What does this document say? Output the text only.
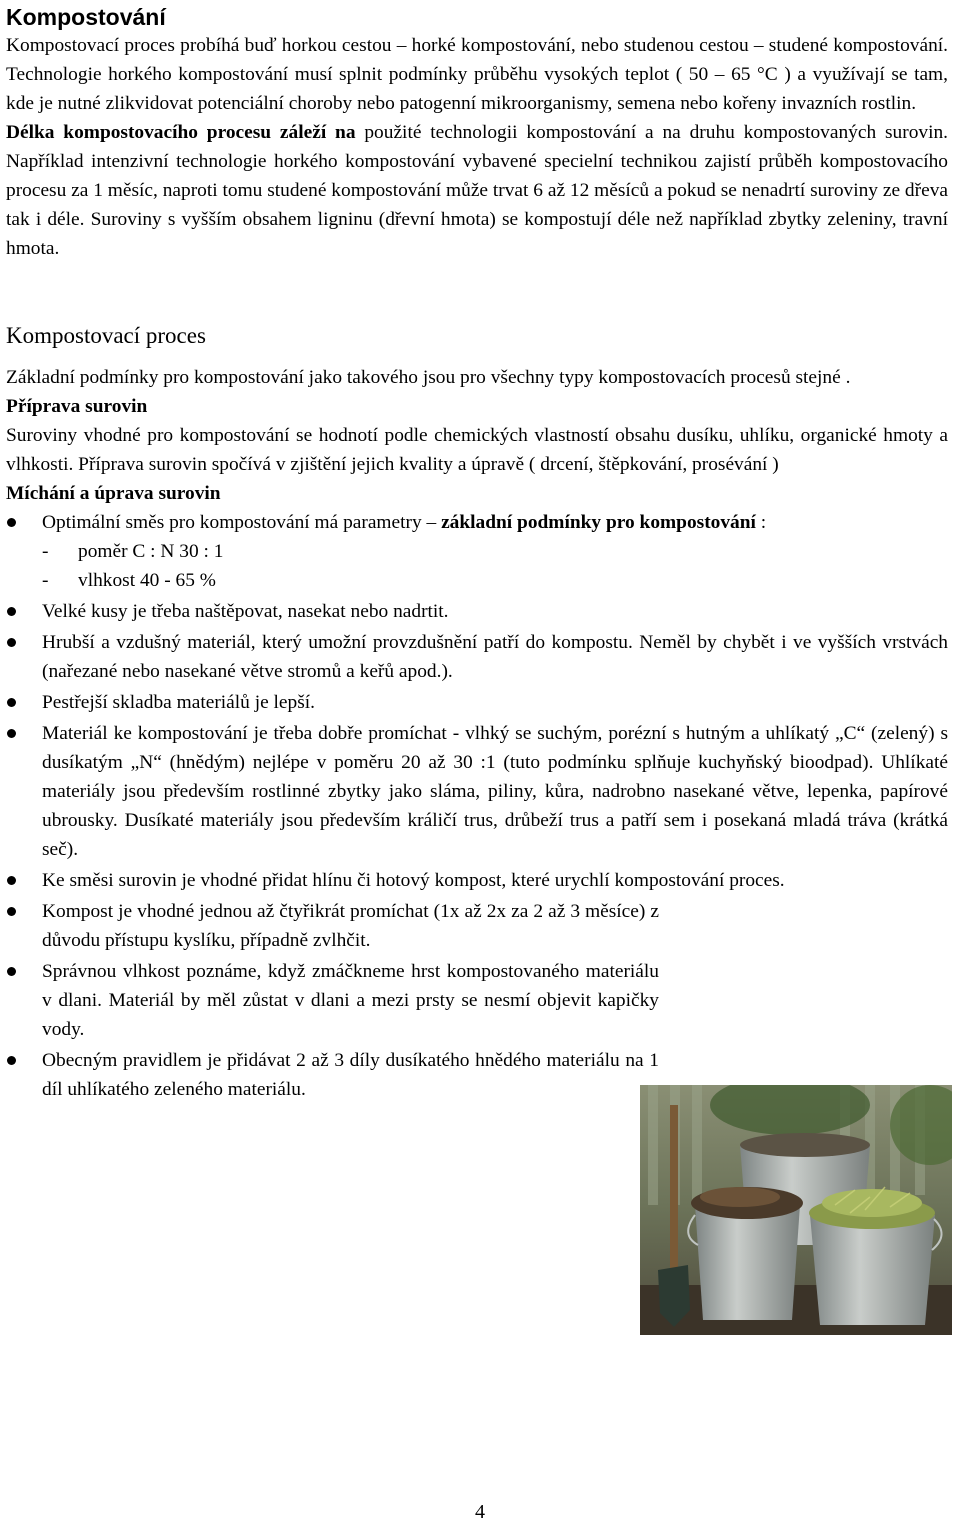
Kompostování

Kompostovací proces probíhá buď horkou cestou – horké kompostování, nebo studenou cestou – studené kompostování. Technologie horkého kompostování musí splnit podmínky průběhu vysokých teplot ( 50 – 65 °C ) a využívají se tam, kde je nutné zlikvidovat potenciální choroby nebo patogenní mikroorganismy, semena nebo kořeny invazních rostlin.

Délka kompostovacího procesu záleží na použité technologii kompostování a na druhu kompostovaných surovin. Například intenzivní technologie horkého kompostování vybavené specielní technikou zajistí průběh kompostovacího procesu za 1 měsíc, naproti tomu studené kompostování může trvat 6 až 12 měsíců a pokud se nenadrtí suroviny ze dřeva tak i déle. Suroviny s vyšším obsahem ligninu (dřevní hmota) se kompostují déle než například zbytky zeleniny, travní hmota.

Kompostovací proces

Základní podmínky pro kompostování jako takového jsou pro všechny typy kompostovacích procesů stejné .

Příprava surovin

Suroviny vhodné pro kompostování se hodnotí podle chemických vlastností obsahu dusíku, uhlíku, organické hmoty a vlhkosti. Příprava surovin spočívá v zjištění jejich kvality a úpravě ( drcení, štěpkování, prosévání )

Míchání a úprava surovin

Optimální směs pro kompostování má parametry – základní podmínky pro kompostování :
- poměr C : N 30 : 1
- vlhkost 40 - 65 %
Velké kusy je třeba naštěpovat, nasekat nebo nadrtit.
Hrubší a vzdušný materiál, který umožní provzdušnění patří do kompostu. Neměl by chybět i ve vyšších vrstvách (nařezané nebo nasekané větve stromů a keřů apod.).
Pestřejší skladba materiálů je lepší.
Materiál ke kompostování je třeba dobře promíchat - vlhký se suchým, porézní s hutným a uhlíkatý „C“ (zelený) s dusíkatým „N“ (hnědým) nejlépe v poměru 20 až 30 :1 (tuto podmínku splňuje kuchyňský bioodpad). Uhlíkaté materiály jsou především rostlinné zbytky jako sláma, piliny, kůra, nadrobno nasekané větve, lepenka, papírové ubrousky. Dusíkaté materiály jsou především králičí trus, drůbeží trus a patří sem i posekaná mladá tráva (krátká seč).
Ke směsi surovin je vhodné přidat hlínu či hotový kompost, které urychlí kompostování proces.
Kompost je vhodné jednou až čtyřikrát promíchat (1x až 2x za 2 až 3 měsíce) z důvodu přístupu kyslíku, případně zvlhčit.
Správnou vlhkost poznáme, když zmáčkneme hrst kompostovaného materiálu v dlani. Materiál by měl zůstat v dlani a mezi prsty se nesmí objevit kapičky vody.
Obecným pravidlem je přidávat 2 až 3 díly dusíkatého hnědého materiálu na 1 díl uhlíkatého zeleného materiálu.
4
